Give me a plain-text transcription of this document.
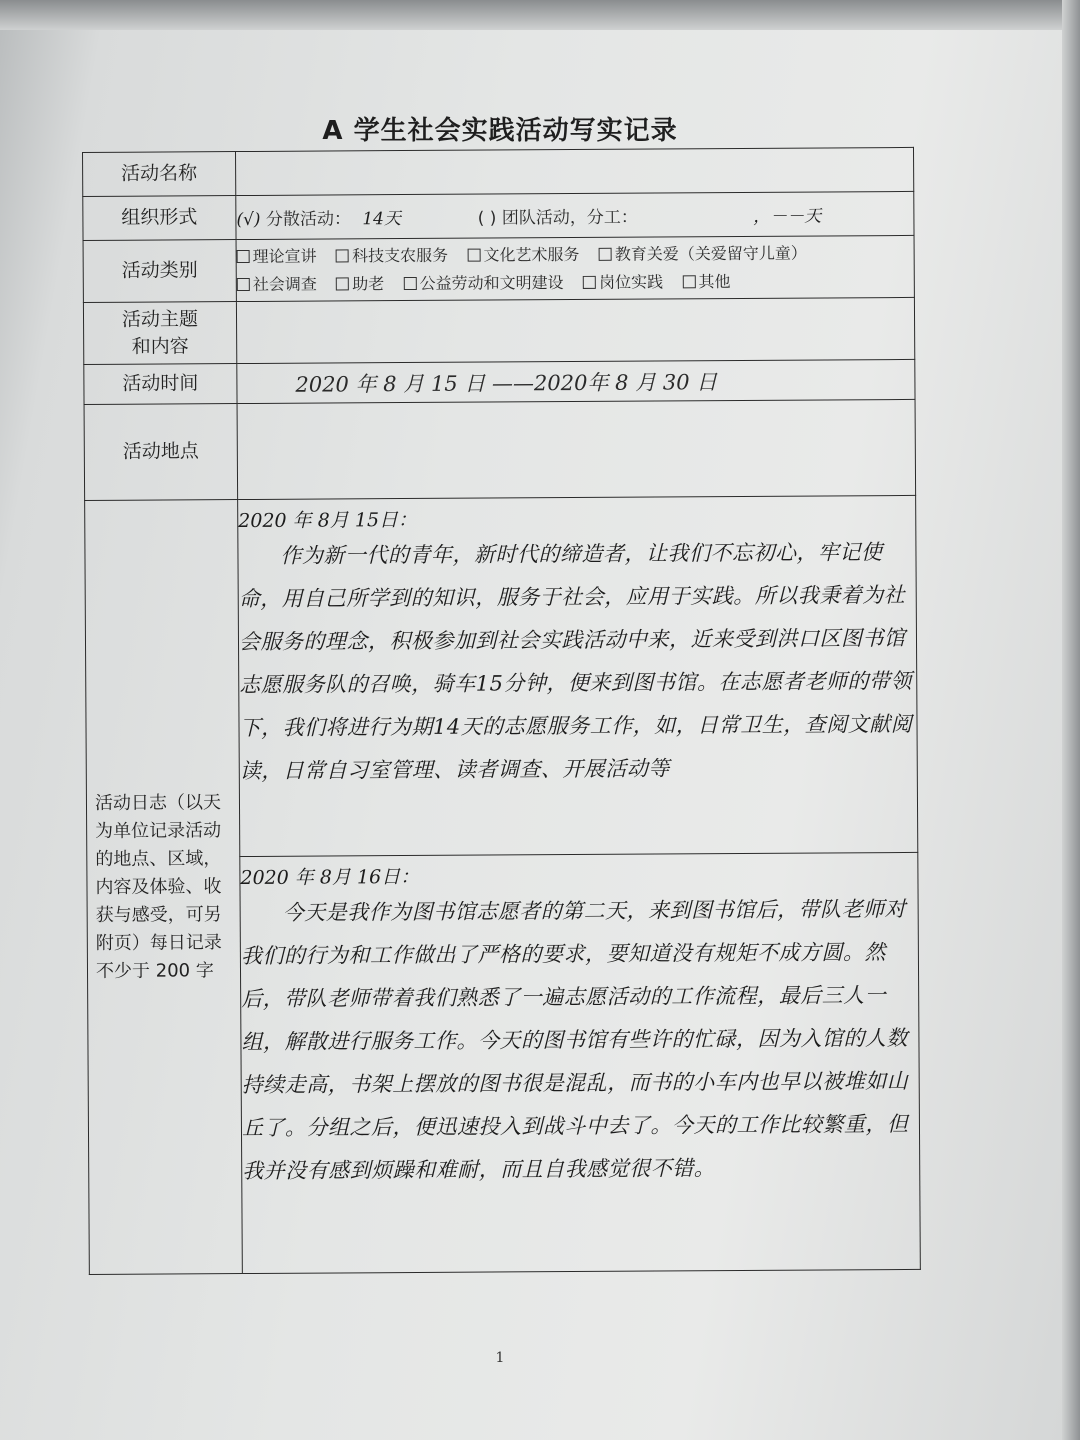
A 学生社会实践活动写实记录
活动名称	
组织形式	(√) 分散活动： 14天 ( ) 团队活动，分工： ，－－天
活动类别	理论宣讲 科技支农服务 文化艺术服务 教育关爱（关爱留守儿童）
社会调查 助老 公益劳动和文明建设 岗位实践 其他

活动主题
和内容	

活动时间	2020 年 8 月 15 日 ——2020年 8 月 30 日
活动地点	
活动日志（以天为单位记录活动的地点、区域，内容及体验、收获与感受，可另附页）每日记录不少于 200 字	2020 年 8月 15日：
作为新一代的青年，新时代的缔造者，让我们不忘初心，牢记使命，用自己所学到的知识，服务于社会，应用于实践。所以我秉着为社会服务的理念，积极参加到社会实践活动中来，近来受到洪口区图书馆志愿服务队的召唤，骑车15分钟，便来到图书馆。在志愿者老师的带领下，我们将进行为期14天的志愿服务工作，如，日常卫生，查阅文献阅读，日常自习室管理、读者调查、开展活动等

	2020 年 8月 16日：
今天是我作为图书馆志愿者的第二天，来到图书馆后，带队老师对我们的行为和工作做出了严格的要求，要知道没有规矩不成方圆。然后，带队老师带着我们熟悉了一遍志愿活动的工作流程，最后三人一组，解散进行服务工作。今天的图书馆有些许的忙碌，因为入馆的人数持续走高，书架上摆放的图书很是混乱，而书的小车内也早以被堆如山丘了。分组之后，便迅速投入到战斗中去了。今天的工作比较繁重，但我并没有感到烦躁和难耐，而且自我感觉很不错。
1
